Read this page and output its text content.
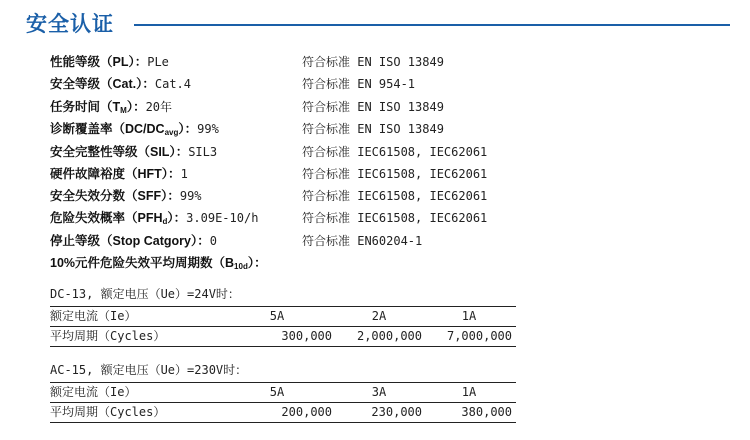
安全认证
性能等级（PL）：PLe	符合标准 EN ISO 13849
安全等级（Cat.）：Cat.4	符合标准 EN 954-1
任务时间$(T_M)$：20年	符合标准 EN ISO 13849
诊断覆盖率$(DC/DC_{avg})$：99%	符合标准 EN ISO 13849
安全完整性等级（SIL）：SIL3	符合标准 IEC61508, IEC62061
硬件故障裕度（HFT）：1	符合标准 IEC61508, IEC62061
安全失效分数（SFF）：99%	符合标准 IEC61508, IEC62061
危险失效概率$(PFH_d)$：3.09E-10/h	符合标准 IEC61508, IEC62061
停止等级（Stop Catgory）：0	符合标准 EN60204-1
10%元件危险失效平均周期数$(B_{10d})$：
DC-13, 额定电压（Ue）=24V时：
额定电流（Ie）	5A	2A	1A
平均周期（Cycles）	300,000	2,000,000	7,000,000
AC-15, 额定电压（Ue）=230V时：
额定电流（Ie）	5A	3A	1A
平均周期（Cycles）	200,000	230,000	380,000
